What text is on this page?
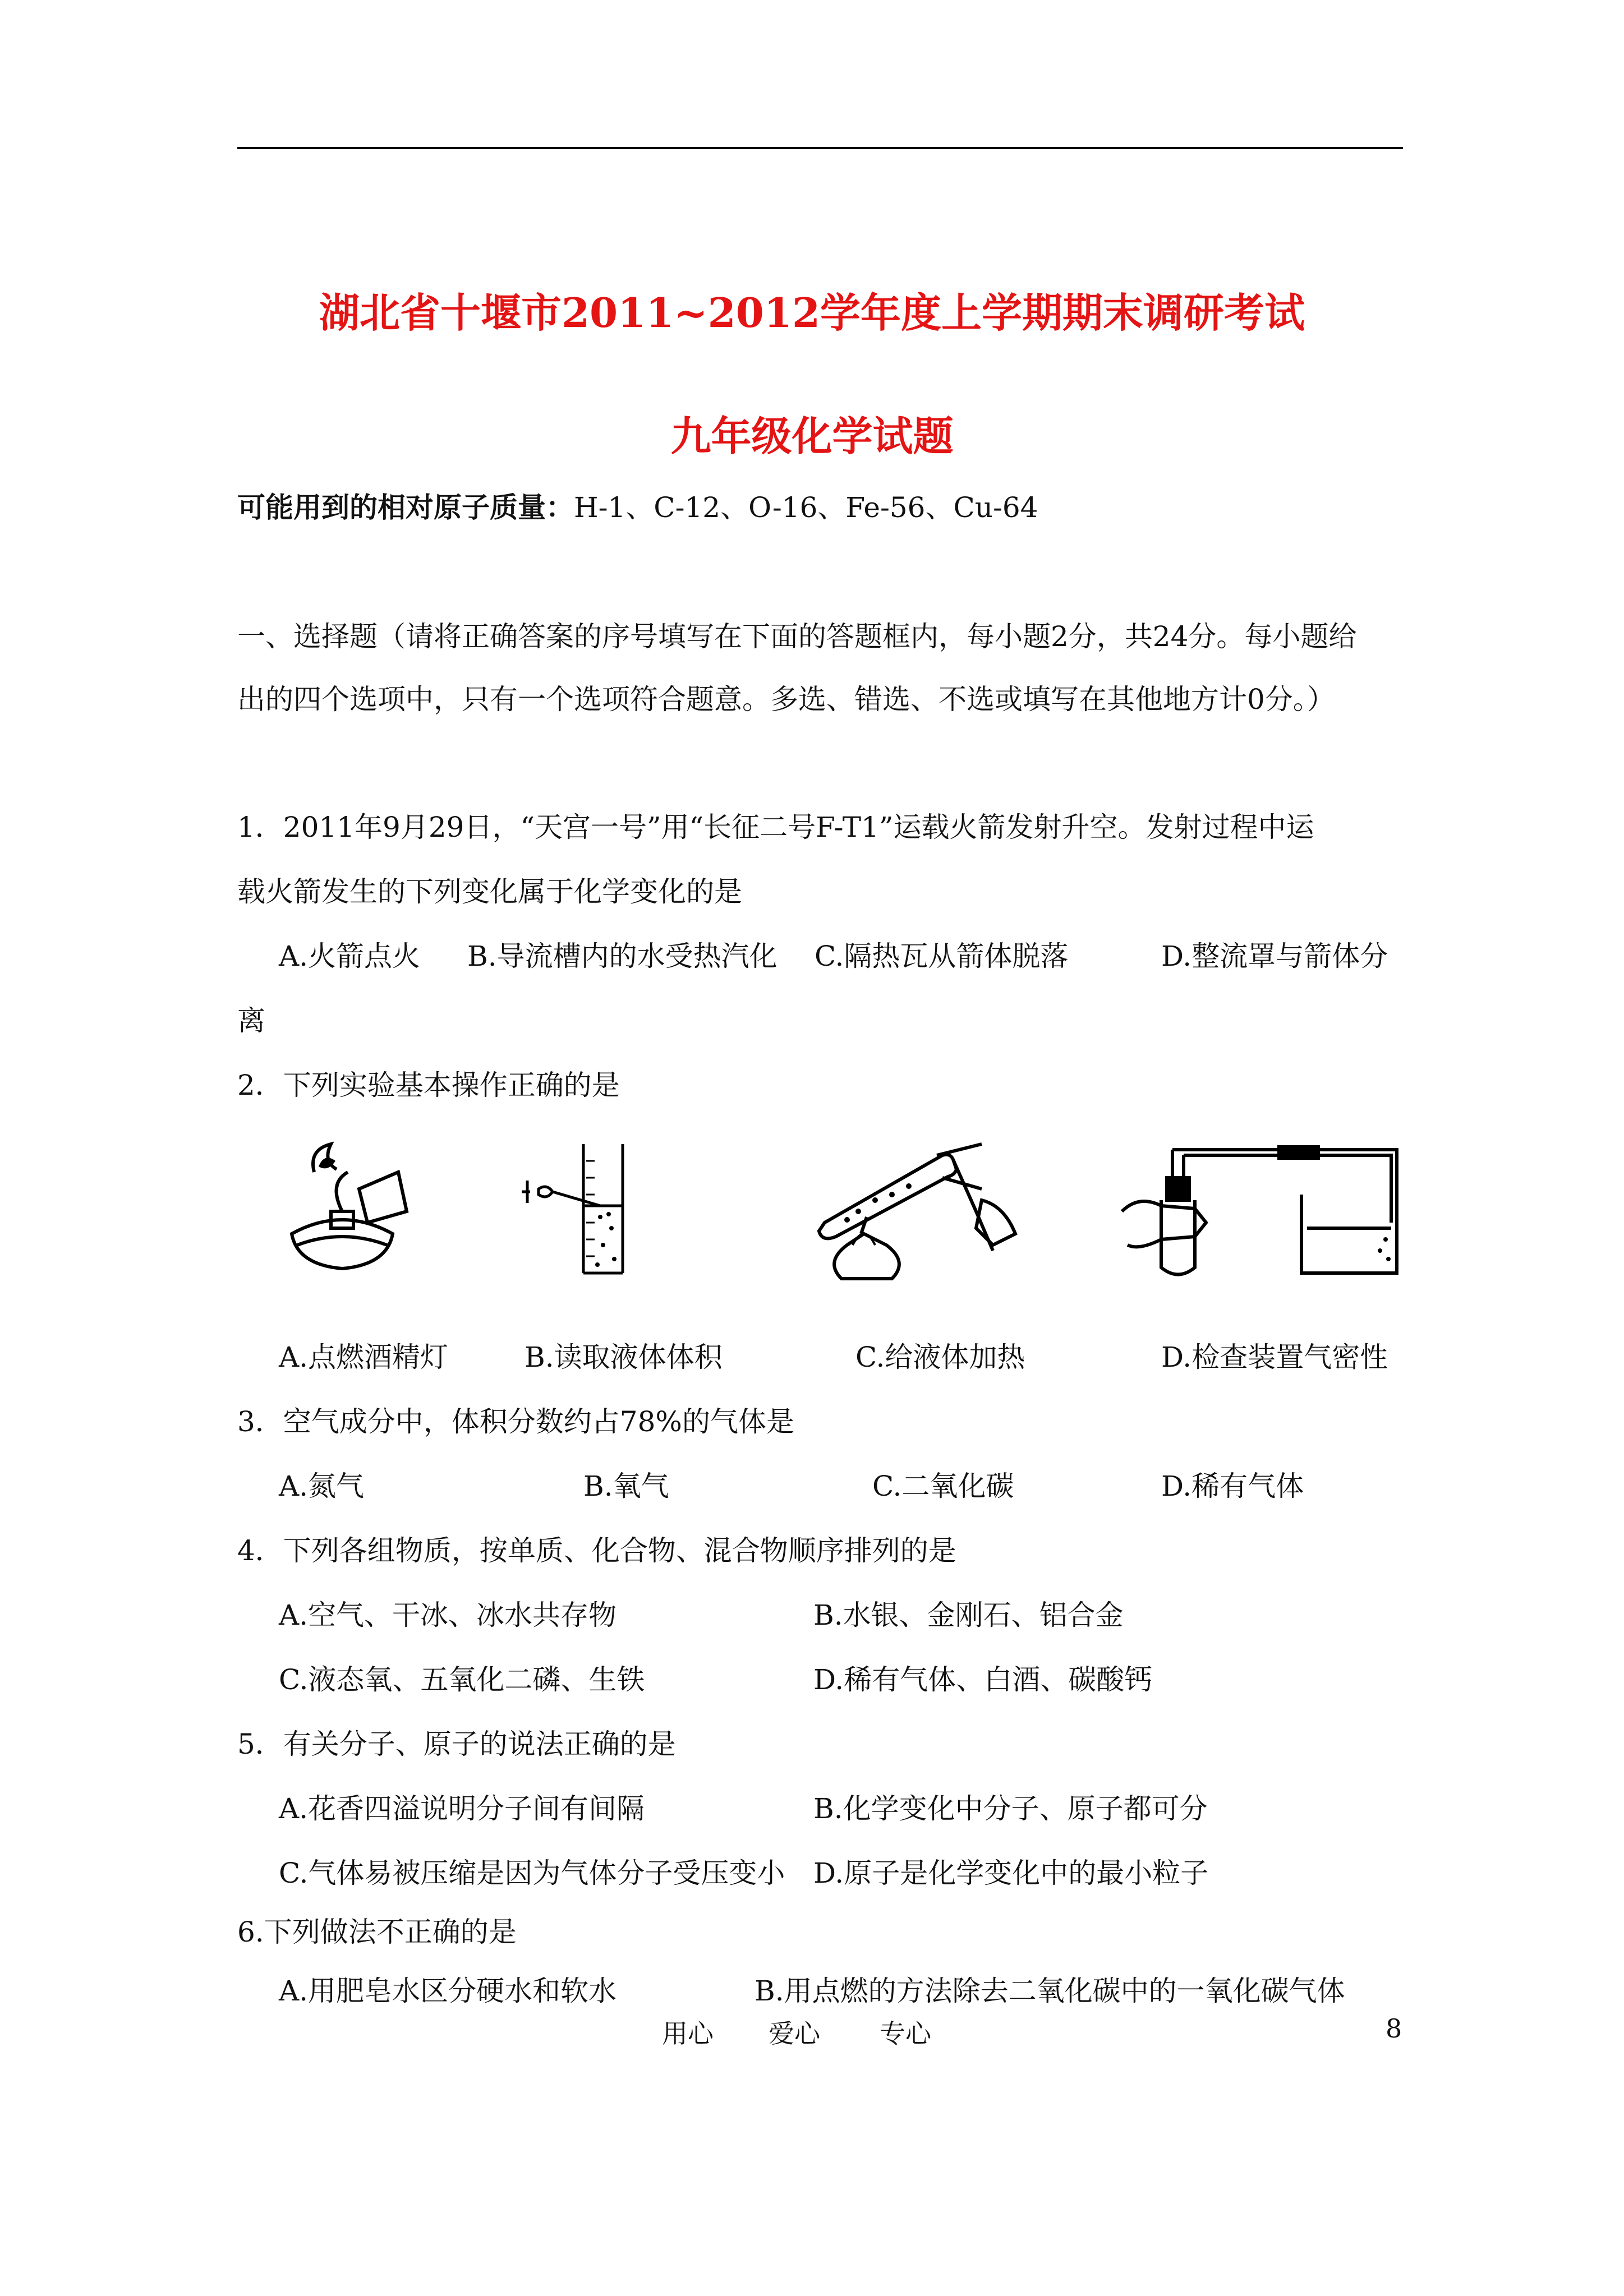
湖北省十堰市2011~2012学年度上学期期末调研考试
九年级化学试题
可能用到的相对原子质量：H-1、C-12、O-16、Fe-56、Cu-64
一、选择题（请将正确答案的序号填写在下面的答题框内，每小题2分，共24分。每小题给
出的四个选项中，只有一个选项符合题意。多选、错选、不选或填写在其他地方计0分。）
1．2011年9月29日，“天宫一号”用“长征二号F-T1”运载火箭发射升空。发射过程中运
载火箭发生的下列变化属于化学变化的是
A.火箭点火 B.导流槽内的水受热汽化 C.隔热瓦从箭体脱落	D.整流罩与箭体分
离
2．下列实验基本操作正确的是
A.点燃酒精灯	B.读取液体体积	C.给液体加热	D.检查装置气密性
3．空气成分中，体积分数约占78%的气体是
A.氮气	B.氧气	C.二氧化碳	D.稀有气体
4．下列各组物质，按单质、化合物、混合物顺序排列的是
A.空气、干冰、冰水共存物	B.水银、金刚石、铝合金
C.液态氧、五氧化二磷、生铁	D.稀有气体、白酒、碳酸钙
5．有关分子、原子的说法正确的是
A.花香四溢说明分子间有间隔	B.化学变化中分子、原子都可分
C.气体易被压缩是因为气体分子受压变小 D.原子是化学变化中的最小粒子
6.下列做法不正确的是
A.用肥皂水区分硬水和软水	B.用点燃的方法除去二氧化碳中的一氧化碳气体
用心 爱心 专心	8
